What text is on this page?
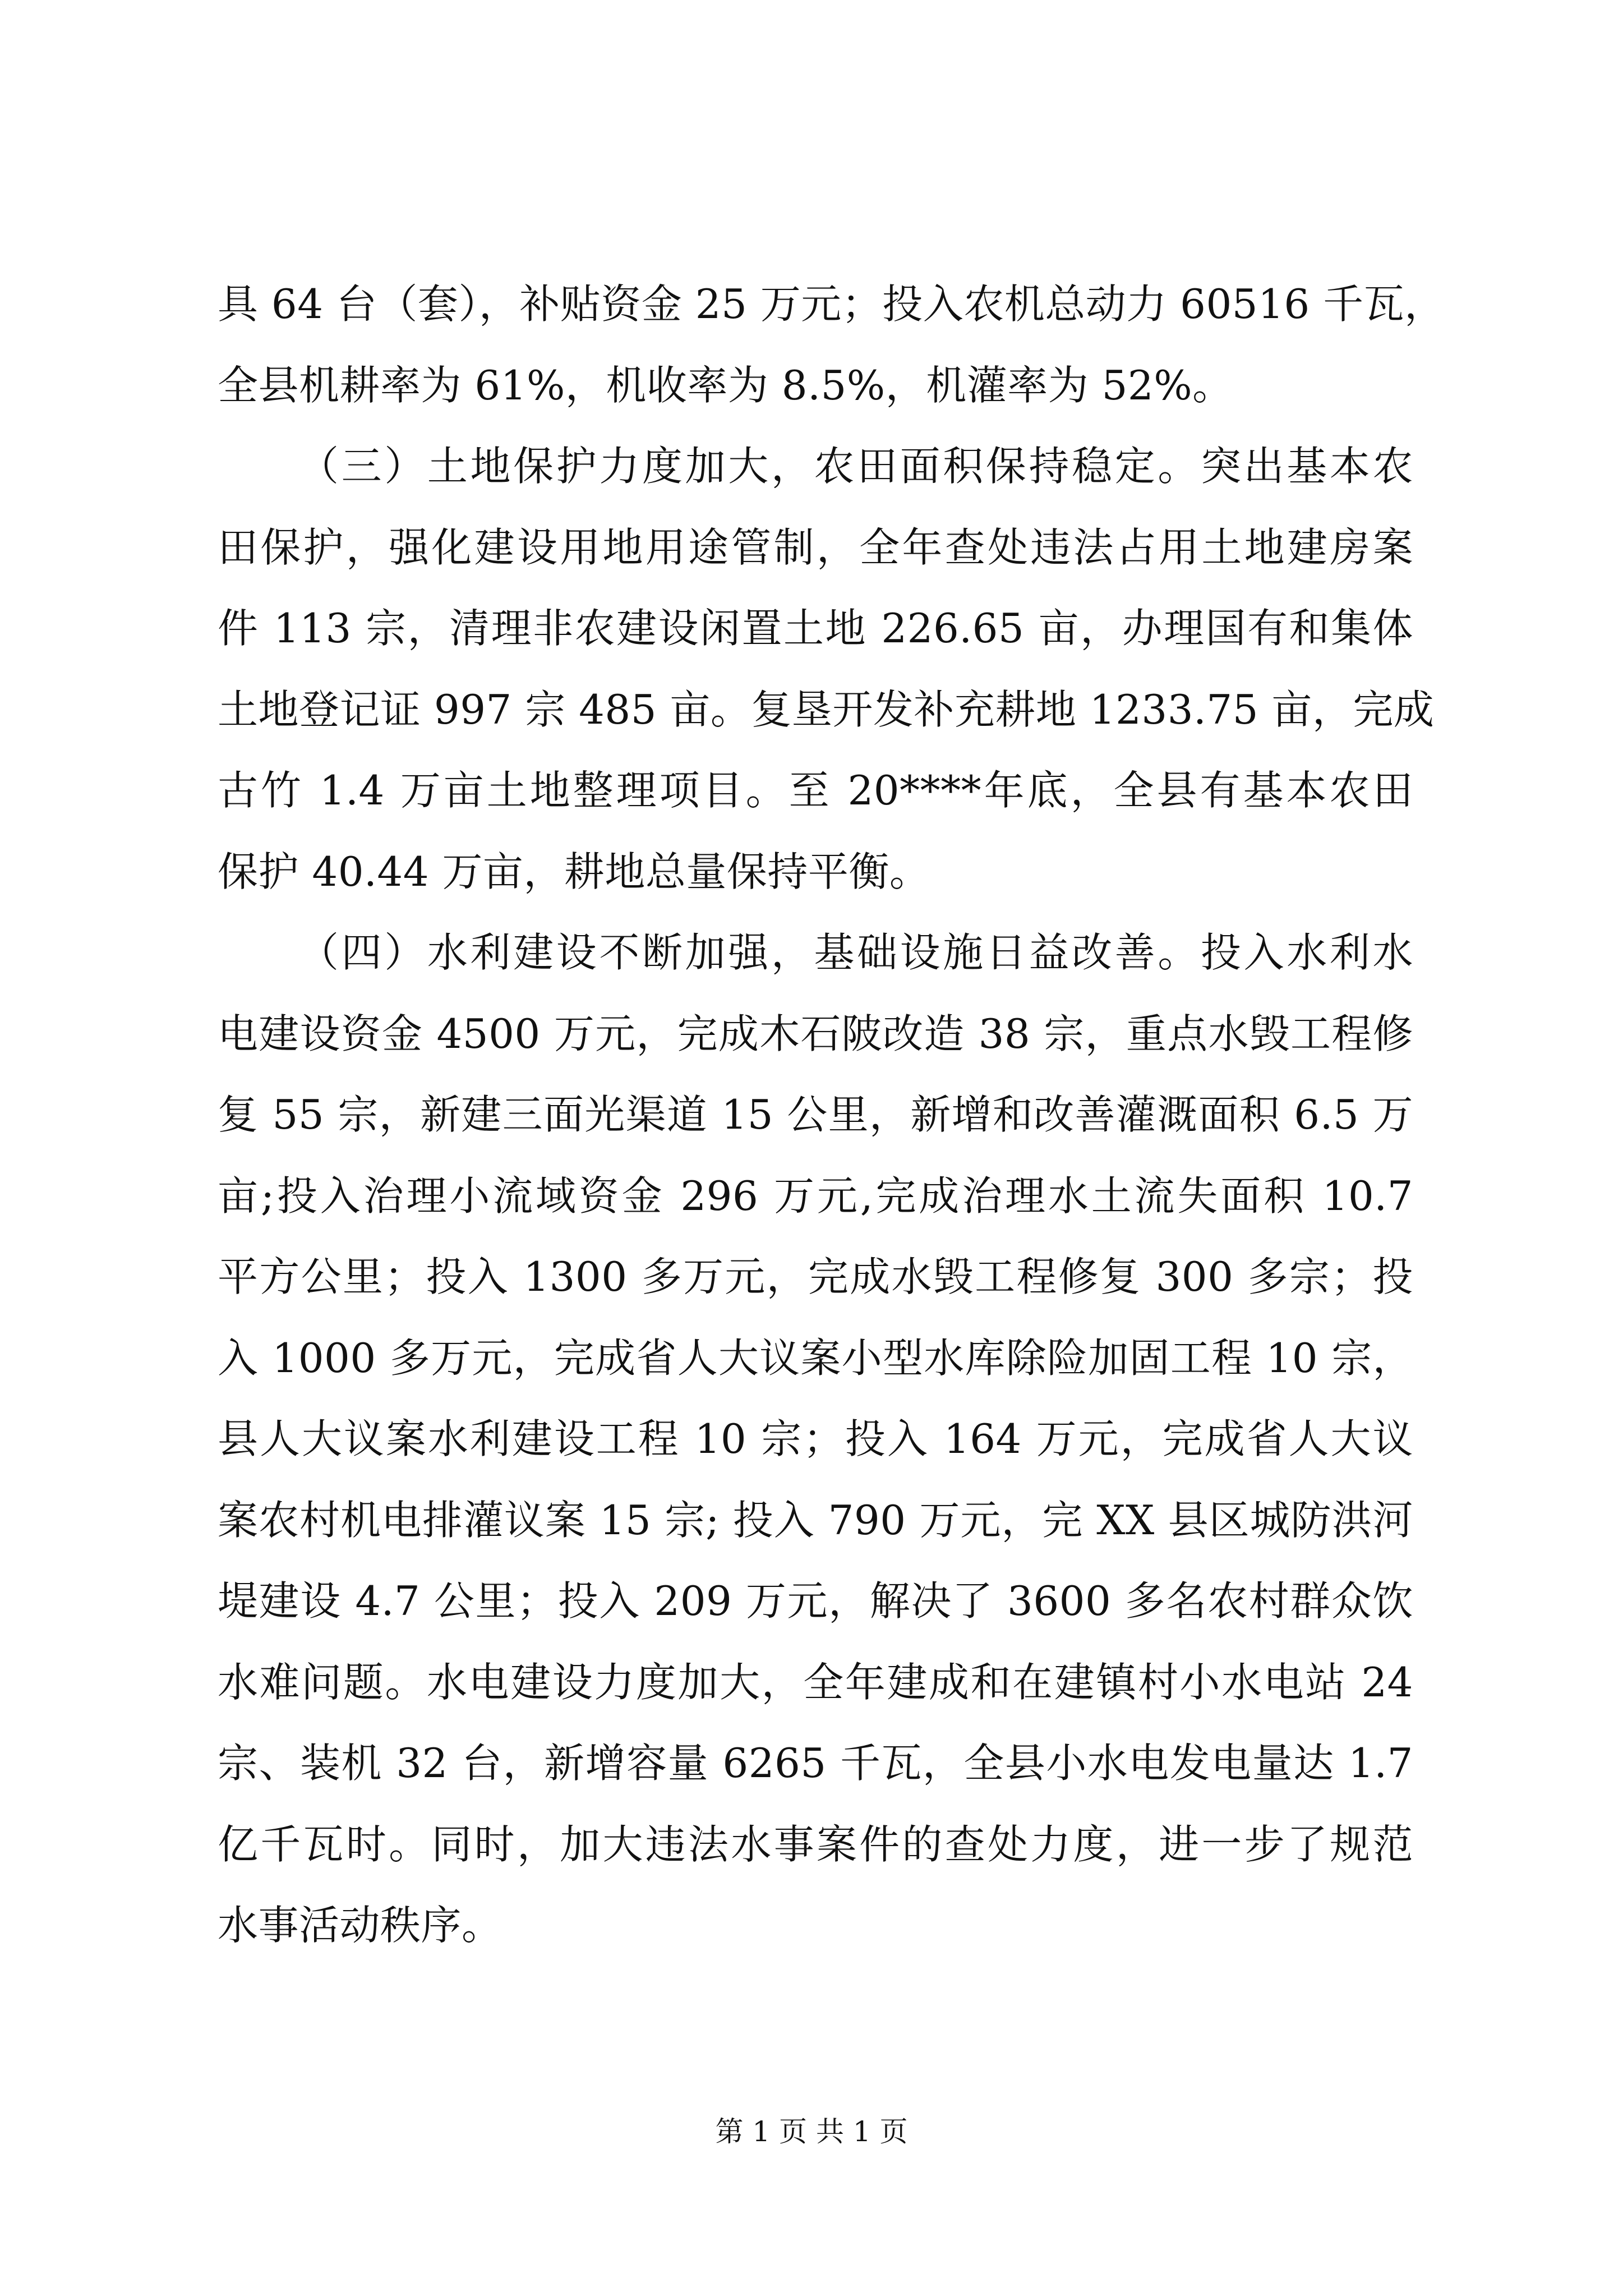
具 64 台（套），补贴资金 25 万元；投入农机总动力 60516 千瓦，
全县机耕率为 61%，机收率为 8.5%，机灌率为 52%。
（三）土地保护力度加大，农田面积保持稳定。突出基本农
田保护，强化建设用地用途管制，全年查处违法占用土地建房案
件 113 宗，清理非农建设闲置土地 226.65 亩，办理国有和集体
土地登记证 997 宗 485 亩。复垦开发补充耕地 1233.75 亩，完成
古竹 1.4 万亩土地整理项目。至 20****年底，全县有基本农田
保护 40.44 万亩，耕地总量保持平衡。
（四）水利建设不断加强，基础设施日益改善。投入水利水
电建设资金 4500 万元，完成木石陂改造 38 宗，重点水毁工程修
复 55 宗，新建三面光渠道 15 公里，新增和改善灌溉面积 6.5 万
亩;投入治理小流域资金 296 万元,完成治理水土流失面积 10.7
平方公里；投入 1300 多万元，完成水毁工程修复 300 多宗；投
入 1000 多万元，完成省人大议案小型水库除险加固工程 10 宗，
县人大议案水利建设工程 10 宗；投入 164 万元，完成省人大议
案农村机电排灌议案 15 宗; 投入 790 万元，完 XX 县区城防洪河
堤建设 4.7 公里；投入 209 万元，解决了 3600 多名农村群众饮
水难问题。水电建设力度加大，全年建成和在建镇村小水电站 24
宗、装机 32 台，新增容量 6265 千瓦，全县小水电发电量达 1.7
亿千瓦时。同时，加大违法水事案件的查处力度，进一步了规范
水事活动秩序。
第 1 页 共 1 页
